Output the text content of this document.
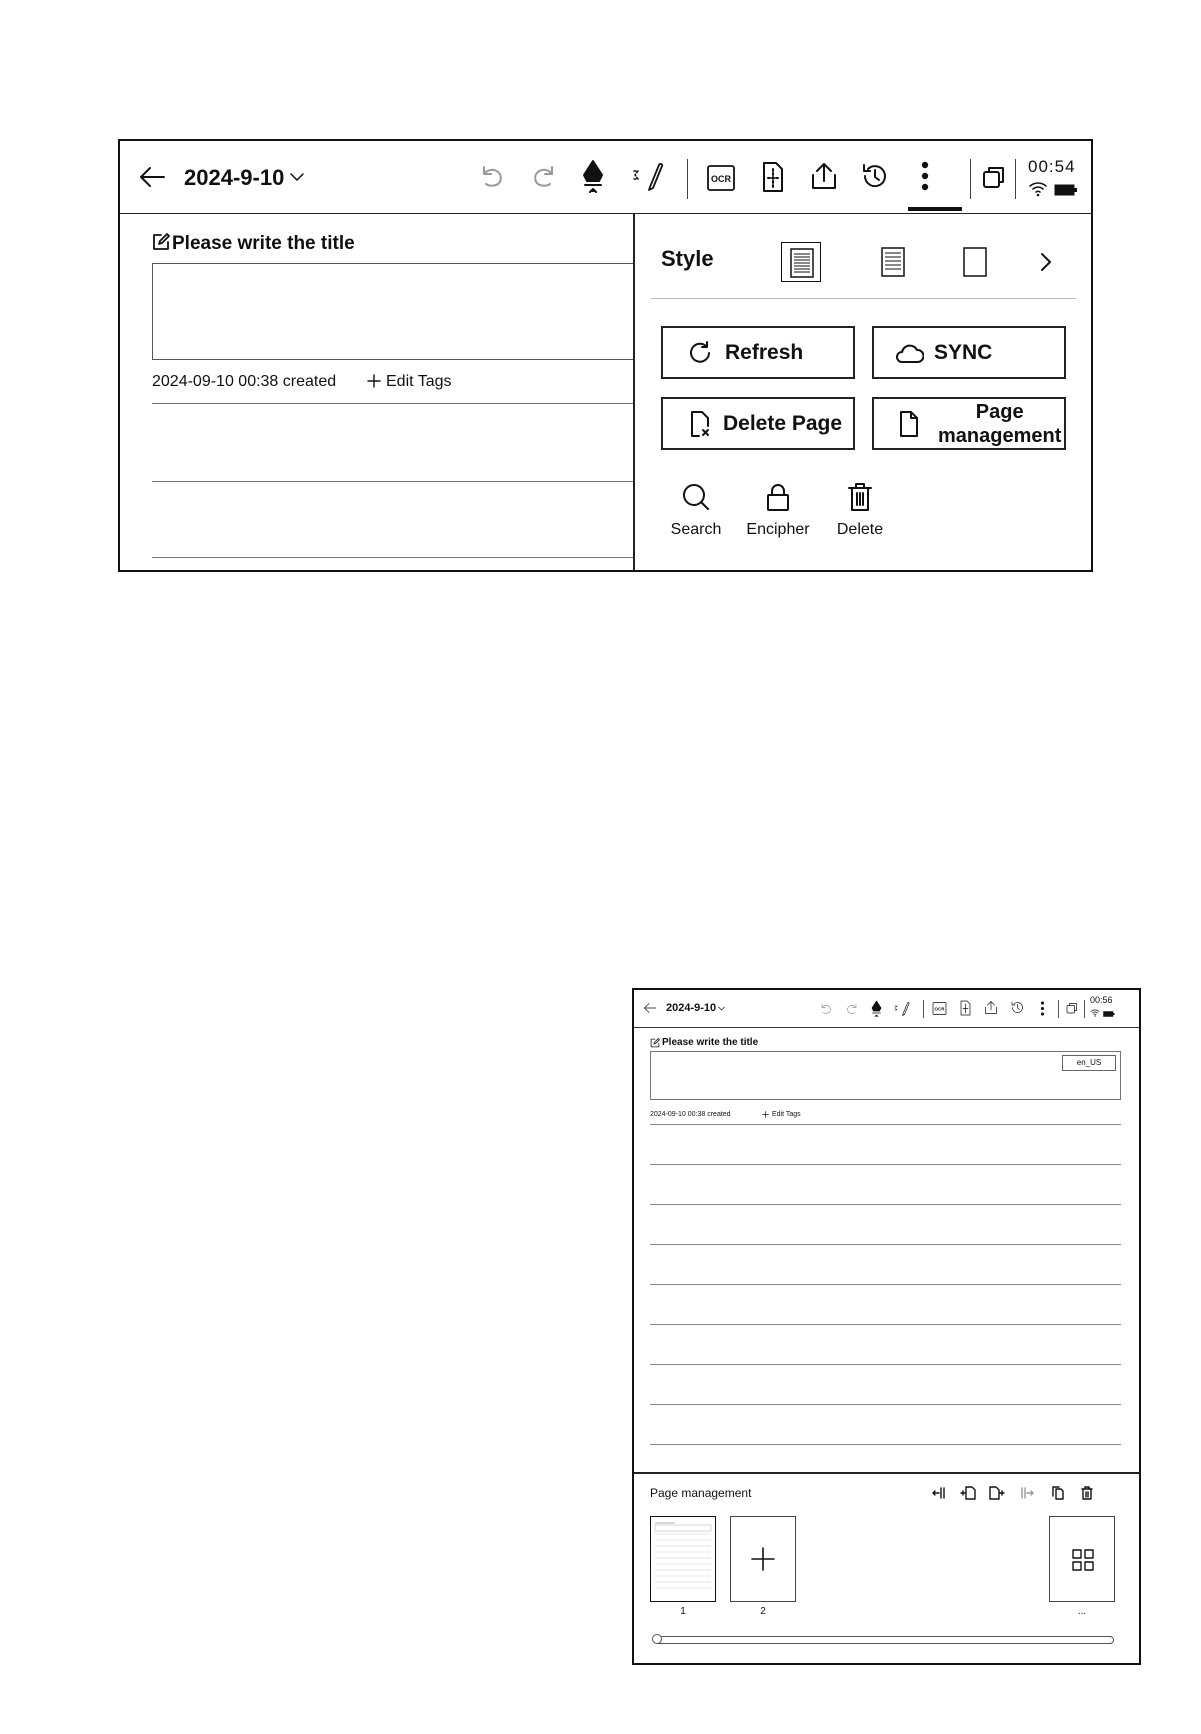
2024-9-10	OCR
00:54
Please write the title
2024-09-10 00:38 created	Edit Tags
Style
Refresh	SYNC
Delete Page	Page
management
Search	Encipher	Delete
2024-9-10	OCR
00:56
Please write the title
en_US
2024-09-10 00:38 created	Edit Tags
Page management
1	2	...
